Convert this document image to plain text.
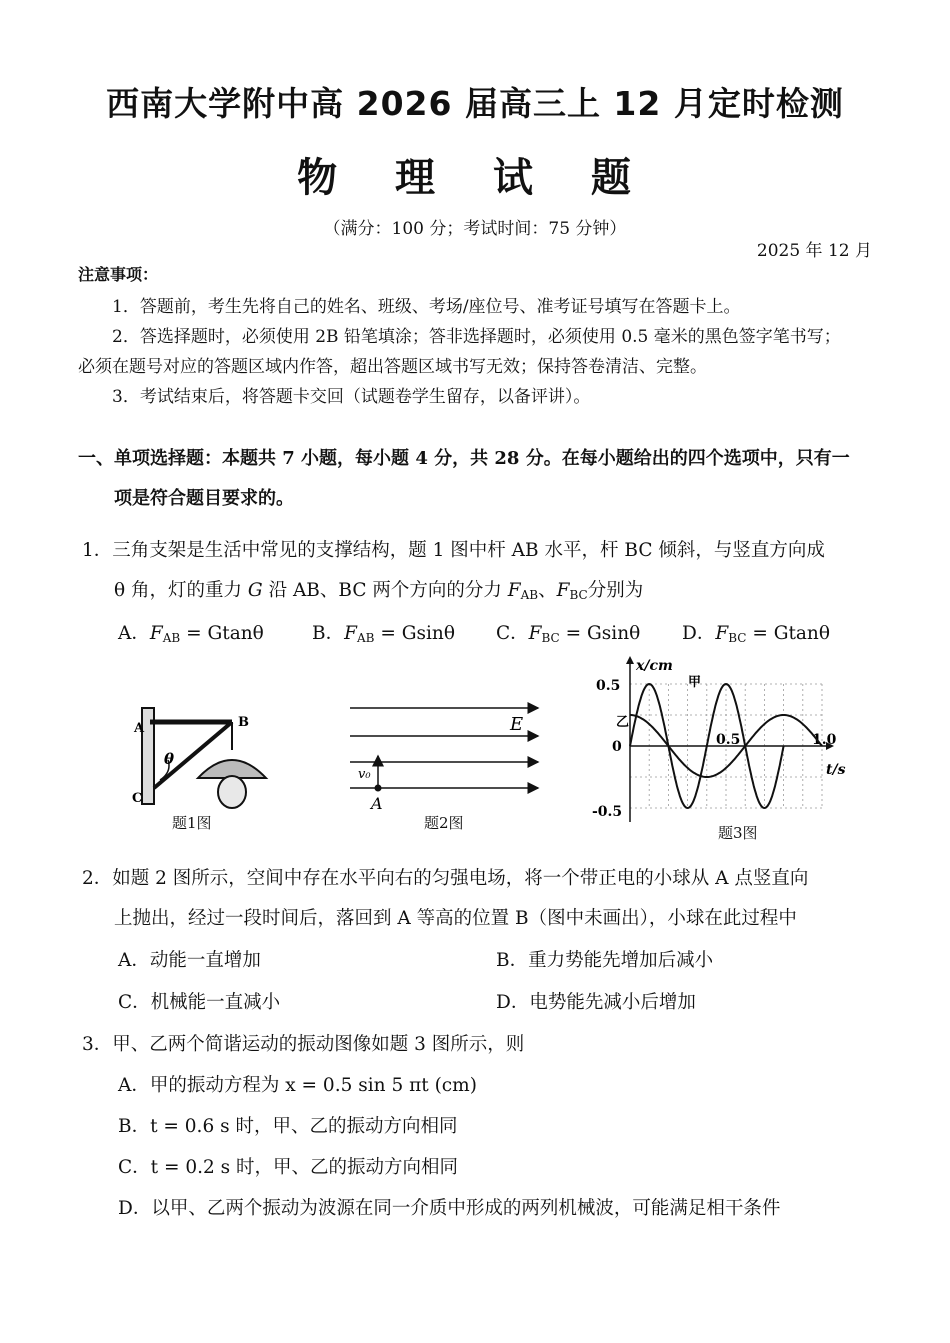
西南大学附中高 2026 届高三上 12 月定时检测
物 理 试 题
（满分：100 分；考试时间：75 分钟）
2025 年 12 月
注意事项：
1．答题前，考生先将自己的姓名、班级、考场/座位号、准考证号填写在答题卡上。
2．答选择题时，必须使用 2B 铅笔填涂；答非选择题时，必须使用 0.5 毫米的黑色签字笔书写；
必须在题号对应的答题区域内作答，超出答题区域书写无效；保持答卷清洁、完整。
3．考试结束后，将答题卡交回（试题卷学生留存，以备评讲）。
一、单项选择题：本题共 7 小题，每小题 4 分，共 28 分。在每小题给出的四个选项中，只有一
项是符合题目要求的。
1．三角支架是生活中常见的支撑结构，题 1 图中杆 AB 水平，杆 BC 倾斜，与竖直方向成
θ 角，灯的重力 G 沿 AB、BC 两个方向的分力 $F_{AB}$、$F_{BC}$分别为
A．$F_{AB} = Gtan\theta$	B．$F_{AB} = Gsin\theta$ C．$F_{BC} = Gsin\theta$ D．$F_{BC} = Gtan\theta$
A	B
C
θ
题1图
E
v₀
A
题2图
x/cm
t/s
0.5
0
-0.5
0.5	1.0
甲
乙
题3图
2．如题 2 图所示，空间中存在水平向右的匀强电场，将一个带正电的小球从 A 点竖直向
上抛出，经过一段时间后，落回到 A 等高的位置 B（图中未画出），小球在此过程中
A．动能一直增加	B．重力势能先增加后减小
C．机械能一直减小	D．电势能先减小后增加
3．甲、乙两个简谐运动的振动图像如题 3 图所示，则
A．甲的振动方程为 x = 0.5 sin 5 πt (cm)
B．t = 0.6 s 时，甲、乙的振动方向相同
C．t = 0.2 s 时，甲、乙的振动方向相同
D．以甲、乙两个振动为波源在同一介质中形成的两列机械波，可能满足相干条件
